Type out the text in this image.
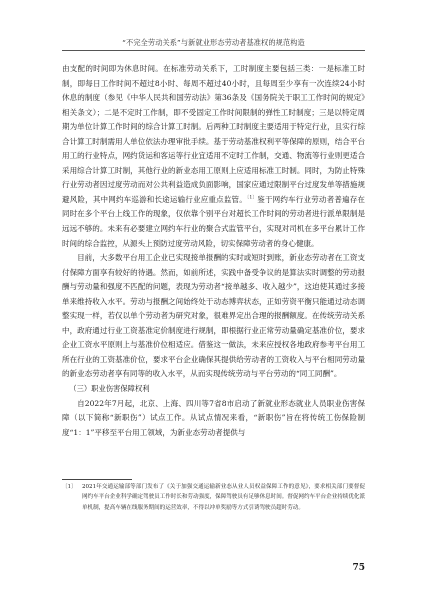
“不完全劳动关系”与新就业形态劳动者基准权的规范构造

由支配的时间即为休息时间。在标准劳动关系下，工时制度主要包括三类：一是标准工时制，即每日工作时间不超过8小时、每周不超过40小时，且每周至少享有一次连续24小时休息的制度（参见《中华人民共和国劳动法》第36条及《国务院关于职工工作时间的规定》相关条文）；二是不定时工作制，即不受固定工作时间限制的弹性工时制度；三是以特定周期为单位计算工作时间的综合计算工时制。后两种工时制度主要适用于特定行业，且实行综合计算工时制需用人单位依法办理审批手续。基于劳动基准权利平等保障的原则，结合平台用工的行业特点，网约货运和客运等行业宜适用不定时工作制，交通、物流等行业则更适合采用综合计算工时制，其他行业的新业态用工原则上应适用标准工时制。同时，为防止特殊行业劳动者因过度劳动而对公共利益造成负面影响，国家应通过限制平台过度发单等措施规避风险，其中网约车巡游和长途运输行业应重点监管。$^{〔1〕}$鉴于网约车行业劳动者普遍存在同时在多个平台上线工作的现象，仅依靠个别平台对超长工作时间的劳动者进行派单限制是远远不够的。未来有必要建立网约车行业的聚合式监管平台，实现对司机在多平台累计工作时间的综合监控，从源头上预防过度劳动风险，切实保障劳动者的身心健康。

目前，大多数平台用工企业已实现接单报酬的实时或短时到账，新业态劳动者在工资支付保障方面享有较好的待遇。然而，如前所述，实践中备受争议的是算法实时调整的劳动报酬与劳动量和强度不匹配的问题，表现为劳动者“接单越多、收入越少”，这迫使其通过多接单来维持收入水平。劳动与报酬之间始终处于动态博弈状态，正如劳资平衡只能通过动态调整实现一样，若仅以单个劳动者为研究对象，很难界定出合理的报酬额度。在传统劳动关系中，政府通过行业工资基准定价制度进行规制，即根据行业正常劳动量确定基准价位，要求企业工资水平原则上与基准价位相适应。借鉴这一做法，未来应授权各地政府参考平台用工所在行业的工资基准价位，要求平台企业确保其提供给劳动者的工资收入与平台相同劳动量的新业态劳动者享有同等的收入水平，从而实现传统劳动与平台劳动的“同工同酬”。

（三）职业伤害保障权利

自2022年7月起，北京、上海、四川等7省8市启动了新就业形态就业人员职业伤害保障（以下简称“新职伤”）试点工作。从试点情况来看，“新职伤”旨在将传统工伤保险制度“1：1”平移至平台用工领域，为新业态劳动者提供与

〔1〕 2021年交通运输部等部门发布了《关于加强交通运输新业态从业人员权益保障工作的意见》，要求相关部门要督促网约车平台企业科学确定驾驶员工作时长和劳动强度，保障驾驶员有足够休息时间。督促网约车平台企业持续优化派单机制，提高车辆在线服务期间的运营效率，不得以冲单奖励等方式引诱驾驶员超时劳动。
75
